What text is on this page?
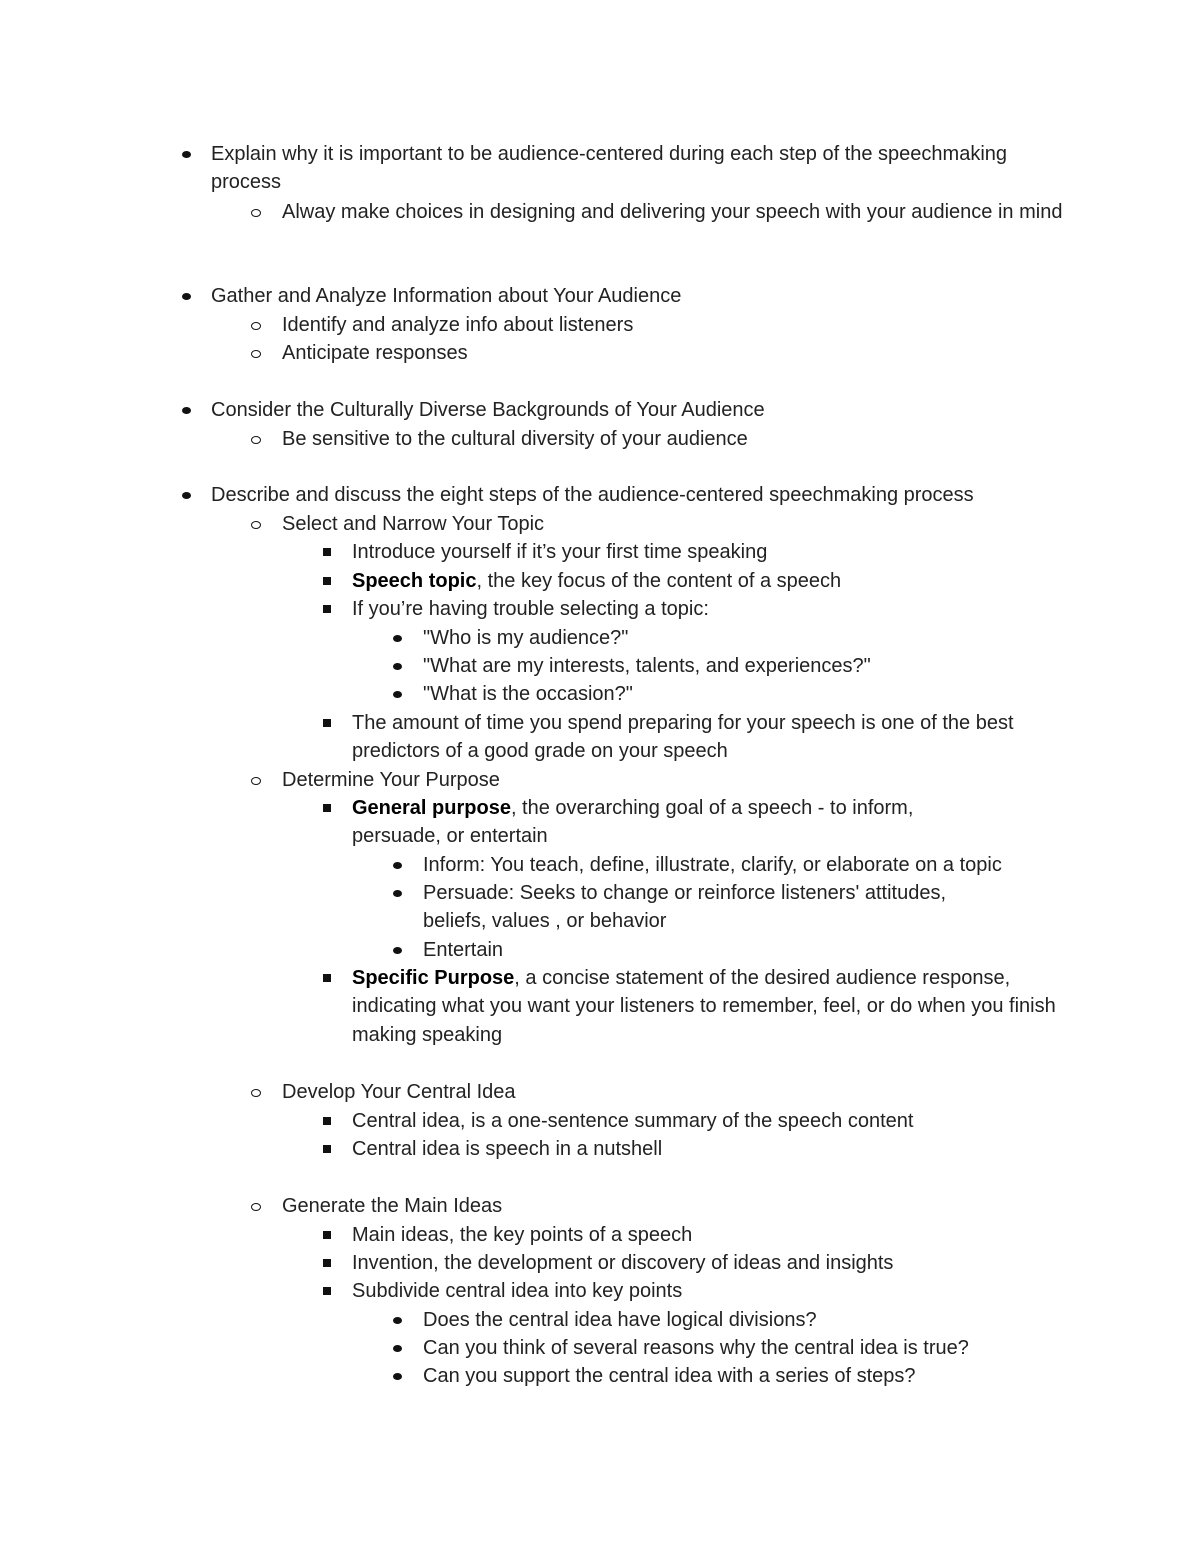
Explain why it is important to be audience-centered during each step of the speechmaking process
Alway make choices in designing and delivering your speech with your audience in mind
Gather and Analyze Information about Your Audience
Identify and analyze info about listeners
Anticipate responses
Consider the Culturally Diverse Backgrounds of Your Audience
Be sensitive to the cultural diversity of your audience
Describe and discuss the eight steps of the audience-centered speechmaking process
Select and Narrow Your Topic
Introduce yourself if it’s your first time speaking
Speech topic, the key focus of the content of a speech
If you’re having trouble selecting a topic:
"Who is my audience?"
"What are my interests, talents, and experiences?"
"What is the occasion?"
The amount of time you spend preparing for your speech is one of the best predictors of a good grade on your speech
Determine Your Purpose
General purpose, the overarching goal of a speech - to inform, persuade, or entertain
Inform: You teach, define, illustrate, clarify, or elaborate on a topic
Persuade: Seeks to change or reinforce listeners' attitudes, beliefs, values , or behavior
Entertain
Specific Purpose, a concise statement of the desired audience response, indicating what you want your listeners to remember, feel, or do when you finish making speaking
Develop Your Central Idea
Central idea, is a one-sentence summary of the speech content
Central idea is speech in a nutshell
Generate the Main Ideas
Main ideas, the key points of a speech
Invention, the development or discovery of ideas and insights
Subdivide central idea into key points
Does the central idea have logical divisions?
Can you think of several reasons why the central idea is true?
Can you support the central idea with a series of steps?
